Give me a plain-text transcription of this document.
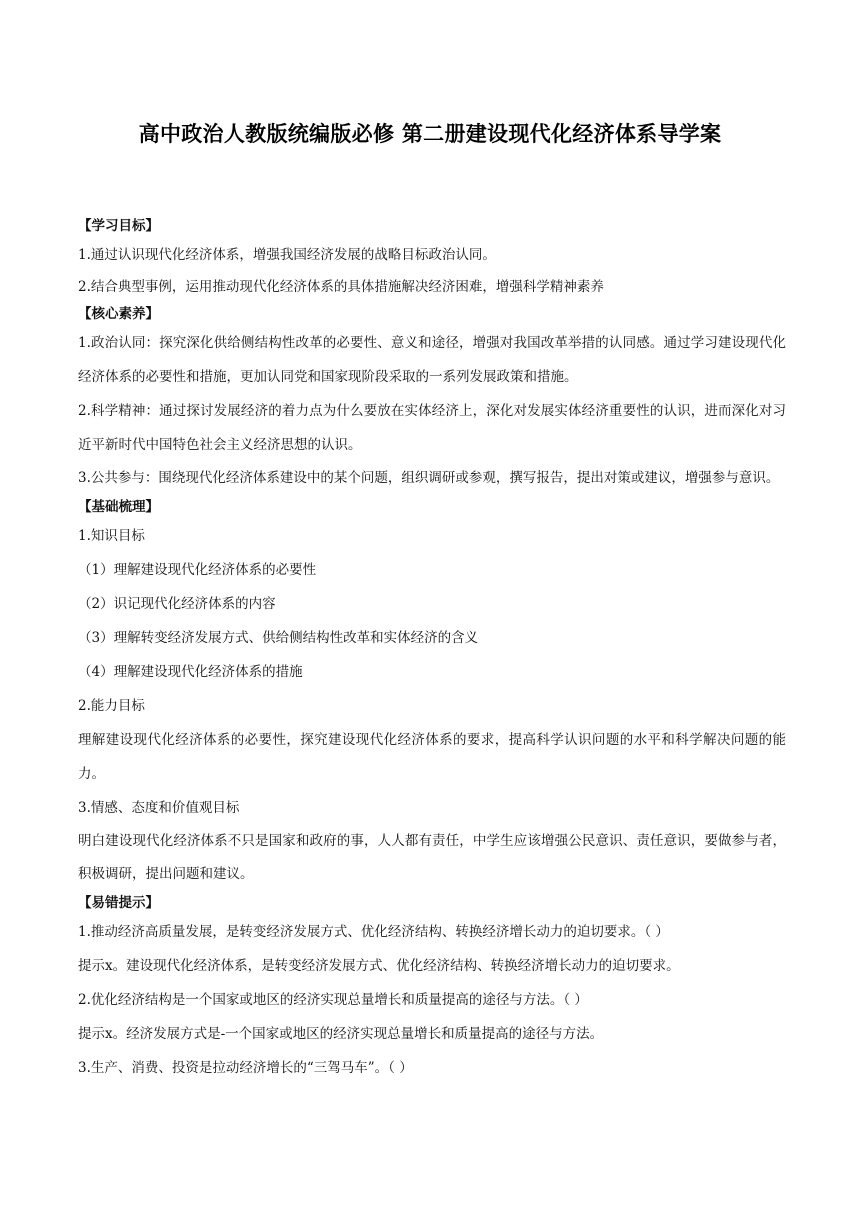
高中政治人教版统编版必修 第二册建设现代化经济体系导学案
【学习目标】
1.通过认识现代化经济体系，增强我国经济发展的战略目标政治认同。
2.结合典型事例，运用推动现代化经济体系的具体措施解决经济困难，增强科学精神素养
【核心素养】
1.政治认同：探究深化供给侧结构性改革的必要性、意义和途径，增强对我国改革举措的认同感。通过学习建设现代化经济体系的必要性和措施，更加认同党和国家现阶段采取的一系列发展政策和措施。
2.科学精神：通过探讨发展经济的着力点为什么要放在实体经济上，深化对发展实体经济重要性的认识，进而深化对习近平新时代中国特色社会主义经济思想的认识。
3.公共参与：围绕现代化经济体系建设中的某个问题，组织调研或参观，撰写报告，提出对策或建议，增强参与意识。
【基础梳理】
1.知识目标
（1）理解建设现代化经济体系的必要性
（2）识记现代化经济体系的内容
（3）理解转变经济发展方式、供给侧结构性改革和实体经济的含义
（4）理解建设现代化经济体系的措施
2.能力目标
理解建设现代化经济体系的必要性，探究建设现代化经济体系的要求，提高科学认识问题的水平和科学解决问题的能力。
3.情感、态度和价值观目标
明白建设现代化经济体系不只是国家和政府的事，人人都有责任，中学生应该增强公民意识、责任意识，要做参与者，积极调研，提出问题和建议。
【易错提示】
1.推动经济高质量发展，是转变经济发展方式、优化经济结构、转换经济增长动力的迫切要求。（ ）
提示x。建设现代化经济体系，是转变经济发展方式、优化经济结构、转换经济增长动力的迫切要求。
2.优化经济结构是一个国家或地区的经济实现总量增长和质量提高的途径与方法。（ ）
提示x。经济发展方式是-一个国家或地区的经济实现总量增长和质量提高的途径与方法。
3.生产、消费、投资是拉动经济增长的“三驾马车”。（ ）
